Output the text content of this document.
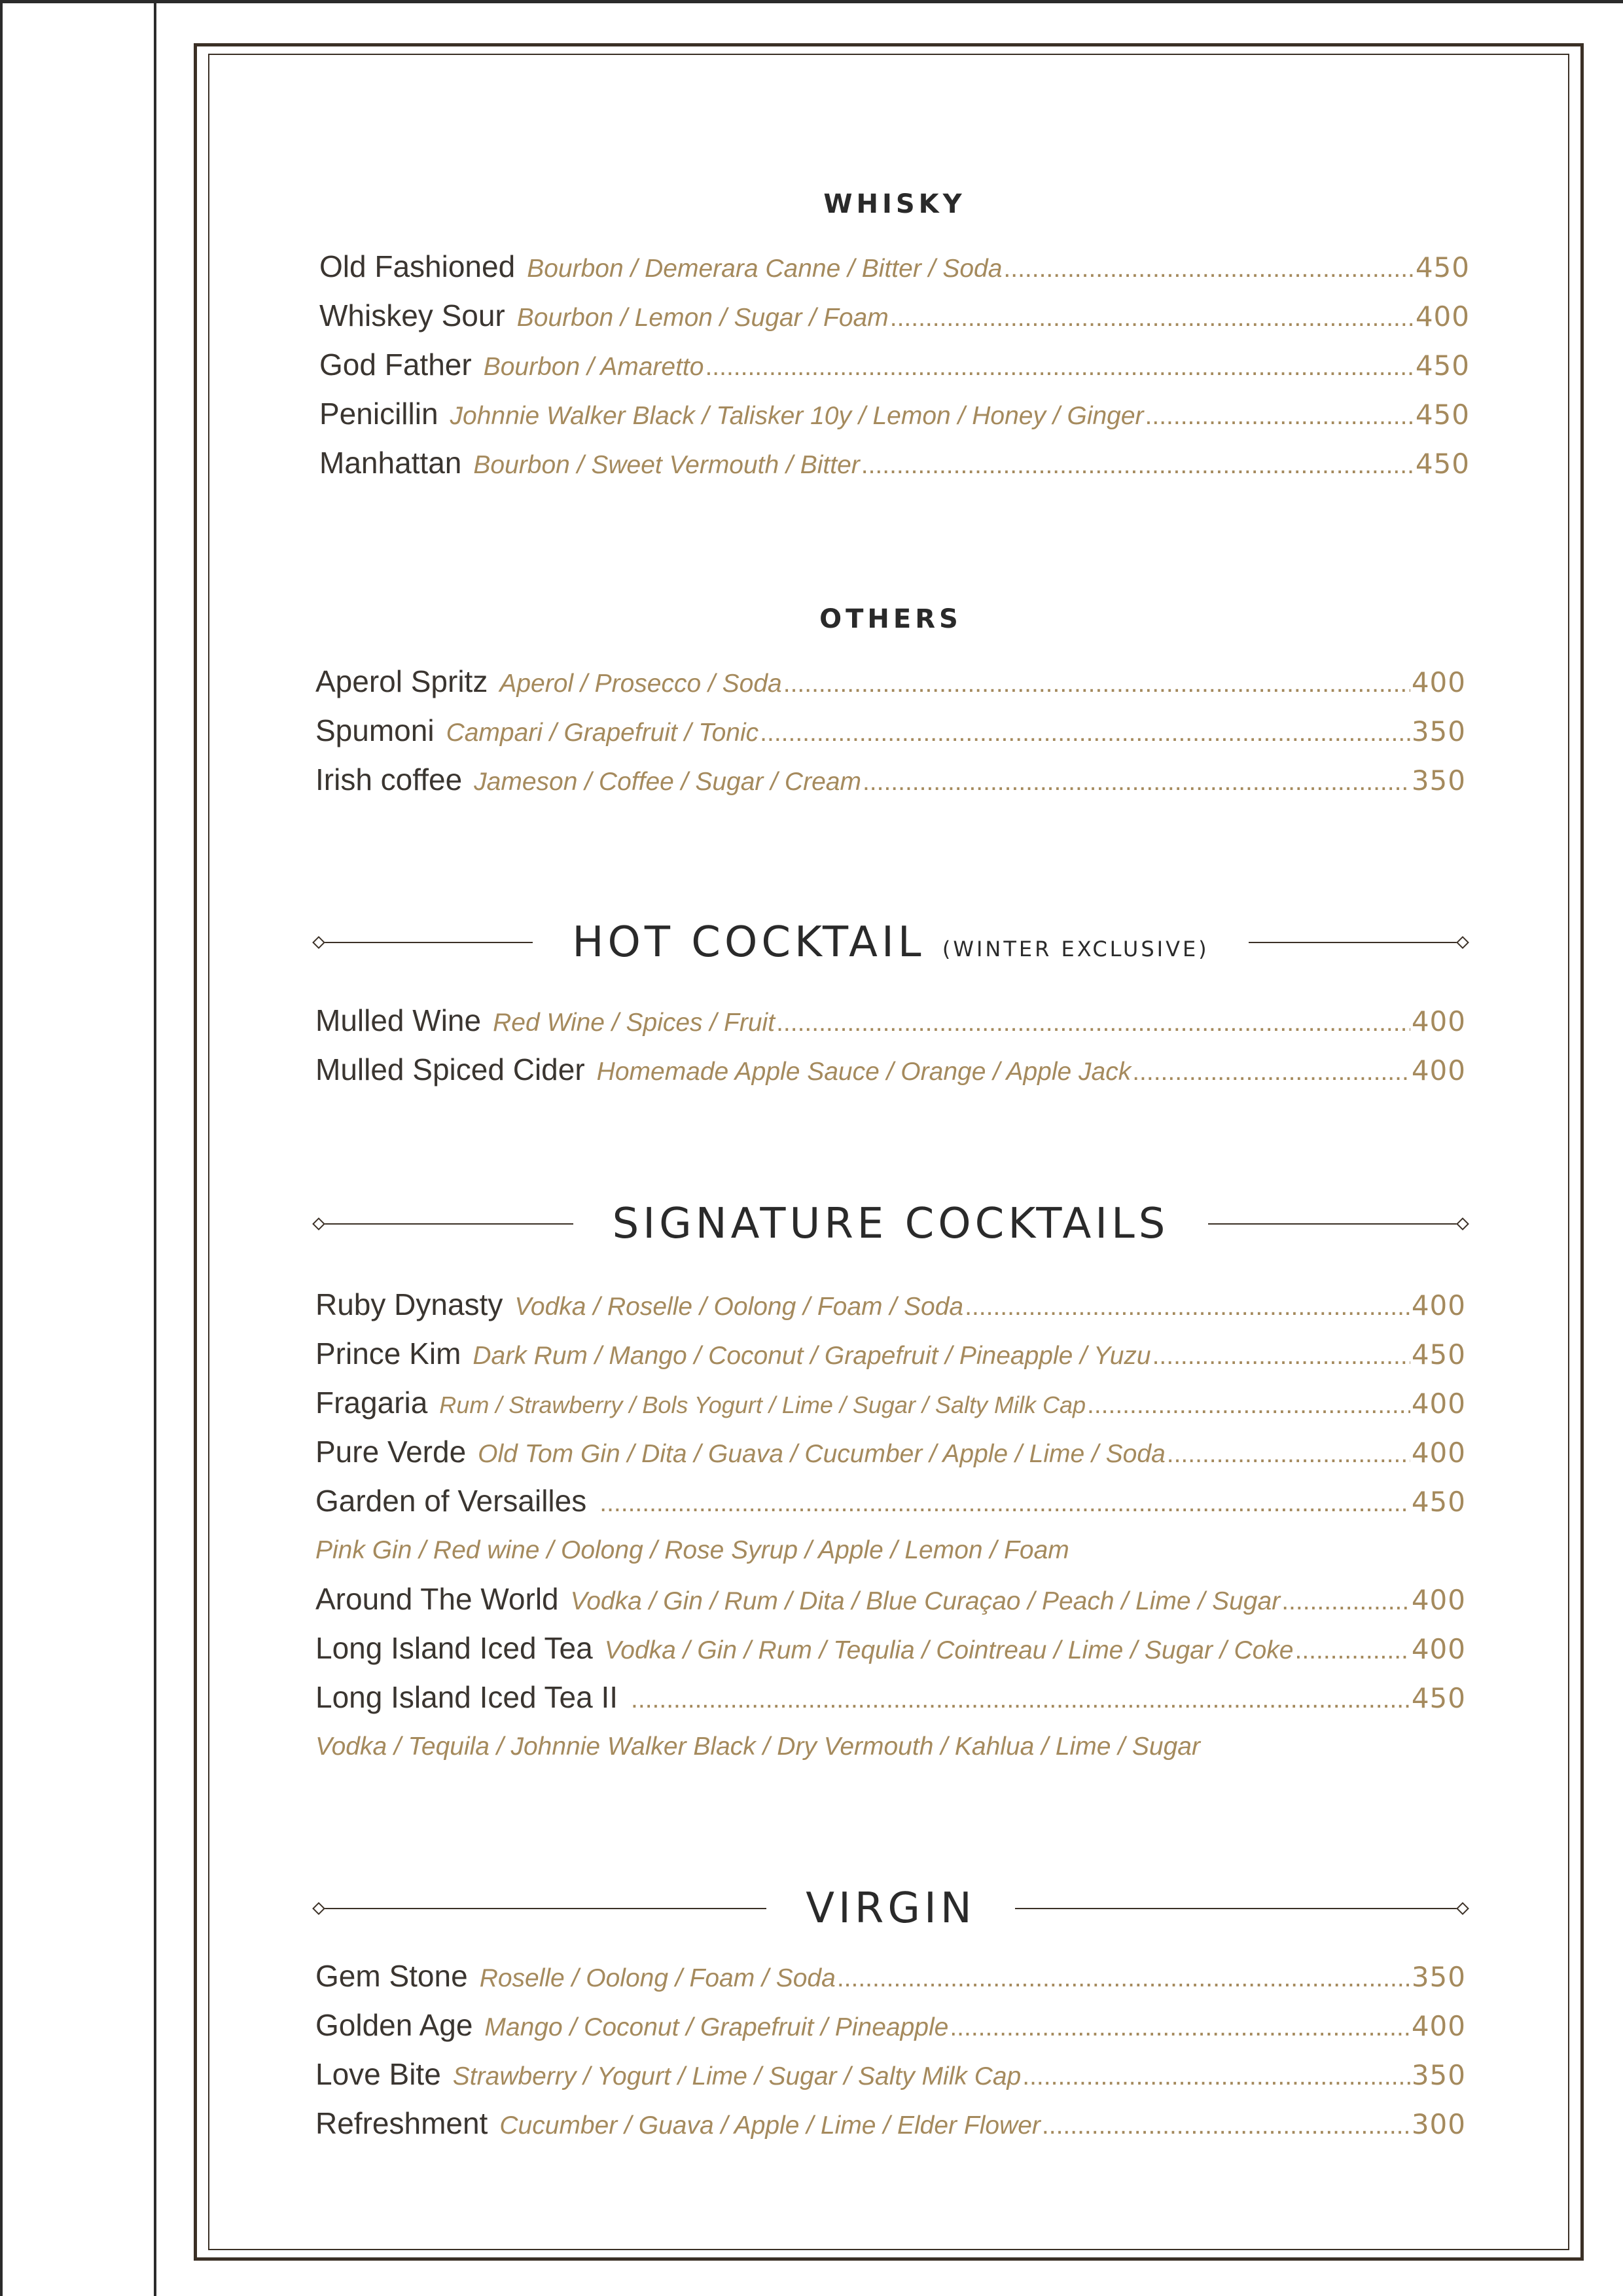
WHISKY
Old Fashioned Bourbon / Demerara Canne / Bitter / Soda .....	450
Whiskey Sour Bourbon / Lemon / Sugar / Foam .....	400
God Father Bourbon / Amaretto .....	450
Penicillin Johnnie Walker Black / Talisker 10y / Lemon / Honey / Ginger .....	450
Manhattan Bourbon / Sweet Vermouth / Bitter .....	450
OTHERS
Aperol Spritz Aperol / Prosecco / Soda .....	400
Spumoni Campari / Grapefruit / Tonic .....	350
Irish coffee Jameson / Coffee / Sugar / Cream .....	350
HOT COCKTAIL (WINTER EXCLUSIVE)
Mulled Wine Red Wine / Spices / Fruit .....	400
Mulled Spiced Cider Homemade Apple Sauce / Orange / Apple Jack .....	400
SIGNATURE COCKTAILS
Ruby Dynasty Vodka / Roselle / Oolong / Foam / Soda .....	400
Prince Kim Dark Rum / Mango / Coconut / Grapefruit / Pineapple / Yuzu .....	450
Fragaria Rum / Strawberry / Bols Yogurt / Lime / Sugar / Salty Milk Cap .....	400
Pure Verde Old Tom Gin / Dita / Guava / Cucumber / Apple / Lime / Soda .....	400
Garden of Versailles .....	450
Pink Gin / Red wine / Oolong / Rose Syrup / Apple / Lemon / Foam
Around The World Vodka / Gin / Rum / Dita / Blue Curaçao / Peach / Lime / Sugar .....	400
Long Island Iced Tea Vodka / Gin / Rum / Tequlia / Cointreau / Lime / Sugar / Coke .....	400
Long Island Iced Tea II .....	450
Vodka / Tequila / Johnnie Walker Black / Dry Vermouth / Kahlua / Lime / Sugar
VIRGIN
Gem Stone Roselle / Oolong / Foam / Soda .....	350
Golden Age Mango / Coconut / Grapefruit / Pineapple .....	400
Love Bite Strawberry / Yogurt / Lime / Sugar / Salty Milk Cap .....	350
Refreshment Cucumber / Guava / Apple / Lime / Elder Flower .....	300
